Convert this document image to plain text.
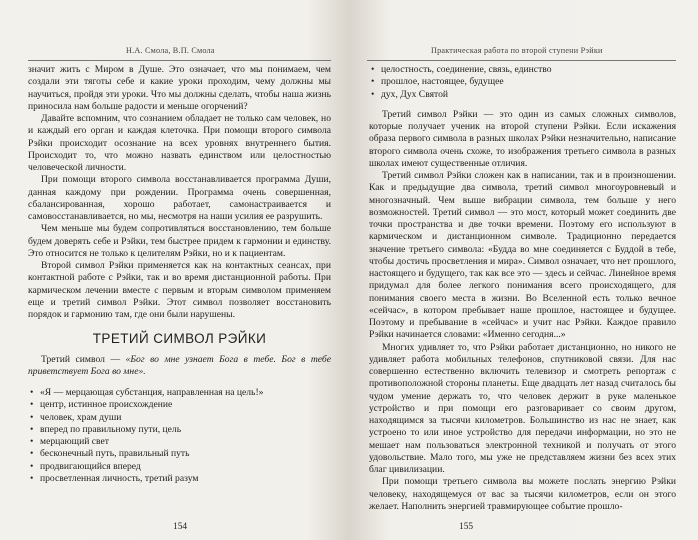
Н.А. Смола, В.П. Смола

значит жить с Миром в Душе. Это означает, что мы понимаем, чем создали эти тяготы себе и какие уроки проходим, чему должны мы научиться, пройдя эти уроки. Что мы должны сделать, чтобы наша жизнь приносила нам больше радости и меньше огорчений?

Давайте вспомним, что сознанием обладает не только сам человек, но и каждый его орган и каждая клеточка. При помощи второго символа Рэйки происходит осознание на всех уровнях внутреннего бытия. Происходит то, что можно назвать единством или целостностью человеческой личности.

При помощи второго символа восстанавливается программа Души, данная каждому при рождении. Программа очень совершенная, сбалансированная, хорошо работает, самонастраивается и самовосстанавливается, но мы, несмотря на наши усилия ее разрушить.

Чем меньше мы будем сопротивляться восстановлению, тем больше будем доверять себе и Рэйки, тем быстрее придем к гармонии и единству. Это относится не только к целителям Рэйки, но и к пациентам.

Второй символ Рэйки применяется как на контактных сеансах, при контактной работе с Рэйки, так и во время дистанционной работы. При кармическом лечении вместе с первым и вторым символом применяем еще и третий символ Рэйки. Этот символ позволяет восстановить порядок и гармонию там, где они были нарушены.

ТРЕТИЙ СИМВОЛ РЭЙКИ

Третий символ — «Бог во мне узнает Бога в тебе. Бог в тебе приветствует Бога во мне».

• «Я — мерцающая субстанция, направленная на цель!»
• центр, истинное происхождение
• человек, храм души
• вперед по правильному пути, цель
• мерцающий свет
• бесконечный путь, правильный путь
• продвигающийся вперед
• просветленная личность, третий разум
154
Практическая работа по второй ступени Рэйки
• целостность, соединение, связь, единство
• прошлое, настоящее, будущее
• дух, Дух Святой

Третий символ Рэйки — это один из самых сложных символов, которые получает ученик на второй ступени Рэйки. Если искажения образа первого символа в разных школах Рэйки незначительно, написание второго символа очень схоже, то изображения третьего символа в разных школах имеют существенные отличия.

Третий символ Рэйки сложен как в написании, так и в произношении. Как и предыдущие два символа, третий символ многоуровневый и многозначный. Чем выше вибрации символа, тем больше у него возможностей. Третий символ — это мост, который может соединить две точки пространства и две точки времени. Поэтому его используют в кармическом и дистанционном символе. Традиционно передается значение третьего символа: «Будда во мне соединяется с Буддой в тебе, чтобы достичь просветления и мира». Символ означает, что нет прошлого, настоящего и будущего, так как все это — здесь и сейчас. Линейное время придумал для более легкого понимания всего происходящего, для понимания своего места в жизни. Во Вселенной есть только вечное «сейчас», в котором пребывает наше прошлое, настоящее и будущее. Поэтому и пребывание в «сейчас» и учит нас Рэйки. Каждое правило Рэйки начинается словами: «Именно сегодня...»

Многих удивляет то, что Рэйки работает дистанционно, но никого не удивляет работа мобильных телефонов, спутниковой связи. Для нас совершенно естественно включить телевизор и смотреть репортаж с противоположной стороны планеты. Еще двадцать лет назад считалось бы чудом умение держать то, что человек держит в руке маленькое устройство и при помощи его разговаривает со своим другом, находящимся за тысячи километров. Большинство из нас не знает, как устроено то или иное устройство для передачи информации, но это не мешает нам пользоваться электронной техникой и получать от этого удовольствие. Мало того, мы уже не представляем жизни без всех этих благ цивилизации.

При помощи третьего символа вы можете послать энергию Рэйки человеку, находящемуся от вас за тысячи километров, если он этого желает. Наполнить энергией травмирующее событие прошло-

155
